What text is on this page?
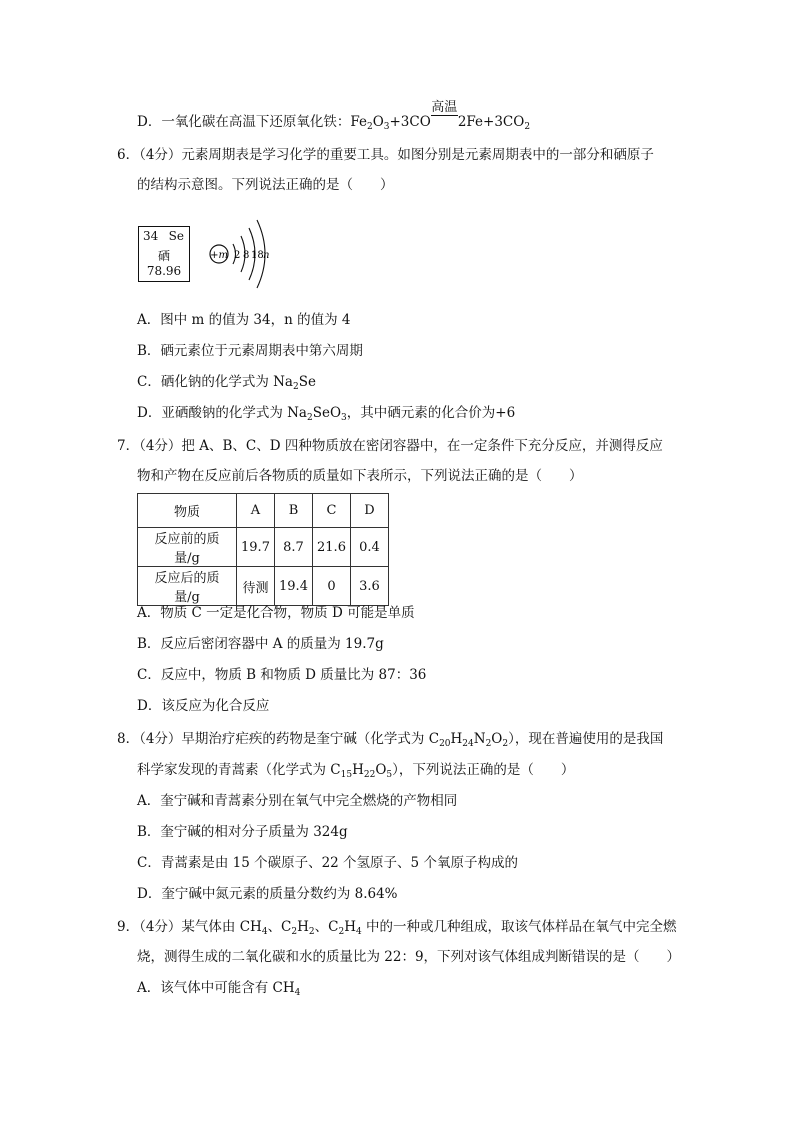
D．一氧化碳在高温下还原氧化铁：$Fe_2O_3+3CO$
高温
$2Fe+3CO_2$
6．（4分）元素周期表是学习化学的重要工具。如图分别是元素周期表中的一部分和硒原子
的结构示意图。下列说法正确的是（　　）
34 Se
硒
78.96
+m 2 8 18 n
A．图中 m 的值为 34，n 的值为 4
B．硒元素位于元素周期表中第六周期
C．硒化钠的化学式为 $Na_2Se$
D．亚硒酸钠的化学式为 $Na_2SeO_3$，其中硒元素的化合价为+6
7．（4分）把 A、B、C、D 四种物质放在密闭容器中，在一定条件下充分反应，并测得反应
物和产物在反应前后各物质的质量如下表所示，下列说法正确的是（　　）
物质	A	B	C	D
反应前的质量/g	19.7	8.7	21.6	0.4
反应后的质量/g	待测	19.4	0	3.6
A．物质 C 一定是化合物，物质 D 可能是单质
B．反应后密闭容器中 A 的质量为 19.7g
C．反应中，物质 B 和物质 D 质量比为 87：36
D．该反应为化合反应
8．（4分）早期治疗疟疾的药物是奎宁碱（化学式为 $C_{20}H_{24}N_2O_2$），现在普遍使用的是我国
科学家发现的青蒿素（化学式为 $C_{15}H_{22}O_5$），下列说法正确的是（　　）
A．奎宁碱和青蒿素分别在氧气中完全燃烧的产物相同
B．奎宁碱的相对分子质量为 324g
C．青蒿素是由 15 个碳原子、22 个氢原子、5 个氧原子构成的
D．奎宁碱中氮元素的质量分数约为 8.64%
9．（4分）某气体由 $CH_4$、$C_2H_2$、$C_2H_4$ 中的一种或几种组成，取该气体样品在氧气中完全燃
烧，测得生成的二氧化碳和水的质量比为 22：9，下列对该气体组成判断错误的是（　　）
A．该气体中可能含有 $CH_4$
